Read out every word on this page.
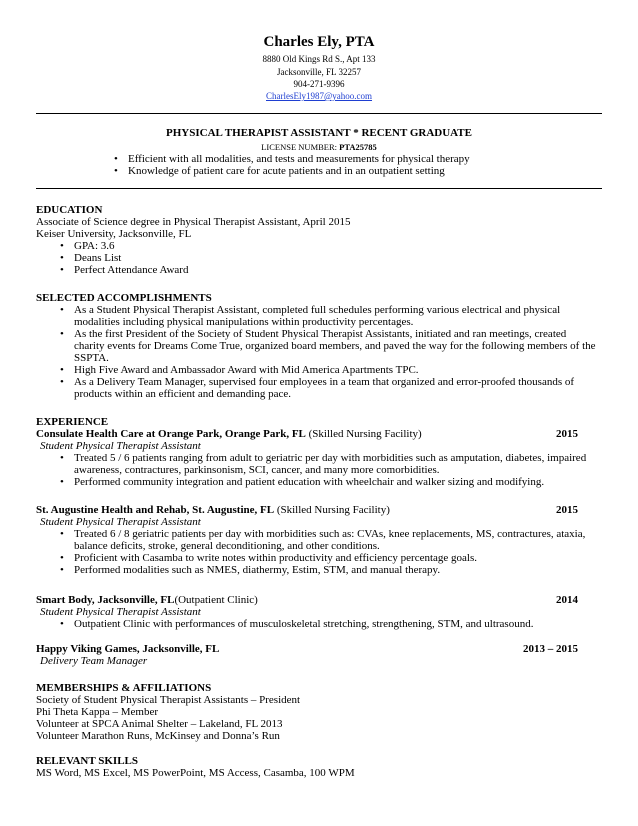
Charles Ely, PTA
8880 Old Kings Rd S., Apt 133
Jacksonville, FL 32257
904-271-9396
CharlesEly1987@yahoo.com
PHYSICAL THERAPIST ASSISTANT * RECENT GRADUATE
LICENSE NUMBER: PTA25785
• Efficient with all modalities, and tests and measurements for physical therapy
• Knowledge of patient care for acute patients and in an outpatient setting
EDUCATION
Associate of Science degree in Physical Therapist Assistant, April 2015
Keiser University, Jacksonville, FL
• GPA: 3.6
• Deans List
• Perfect Attendance Award
SELECTED ACCOMPLISHMENTS
• As a Student Physical Therapist Assistant, completed full schedules performing various electrical and physical modalities including physical manipulations within productivity percentages.
• As the first President of the Society of Student Physical Therapist Assistants, initiated and ran meetings, created charity events for Dreams Come True, organized board members, and paved the way for the following members of the SSPTA.
• High Five Award and Ambassador Award with Mid America Apartments TPC.
• As a Delivery Team Manager, supervised four employees in a team that organized and error-proofed thousands of products within an efficient and demanding pace.
EXPERIENCE
Consulate Health Care at Orange Park, Orange Park, FL (Skilled Nursing Facility)	2015
Student Physical Therapist Assistant
• Treated 5 / 6 patients ranging from adult to geriatric per day with morbidities such as amputation, diabetes, impaired awareness, contractures, parkinsonism, SCI, cancer, and many more comorbidities.
• Performed community integration and patient education with wheelchair and walker sizing and modifying.
St. Augustine Health and Rehab, St. Augustine, FL (Skilled Nursing Facility)	2015
Student Physical Therapist Assistant
• Treated 6 / 8 geriatric patients per day with morbidities such as: CVAs, knee replacements, MS, contractures, ataxia, balance deficits, stroke, general deconditioning, and other conditions.
• Proficient with Casamba to write notes within productivity and efficiency percentage goals.
• Performed modalities such as NMES, diathermy, Estim, STM, and manual therapy.
Smart Body, Jacksonville, FL(Outpatient Clinic)	2014
Student Physical Therapist Assistant
• Outpatient Clinic with performances of musculoskeletal stretching, strengthening, STM, and ultrasound.
Happy Viking Games, Jacksonville, FL	2013 – 2015
Delivery Team Manager
MEMBERSHIPS & AFFILIATIONS
Society of Student Physical Therapist Assistants – President
Phi Theta Kappa – Member
Volunteer at SPCA Animal Shelter – Lakeland, FL 2013
Volunteer Marathon Runs, McKinsey and Donna’s Run
RELEVANT SKILLS
MS Word, MS Excel, MS PowerPoint, MS Access, Casamba, 100 WPM
